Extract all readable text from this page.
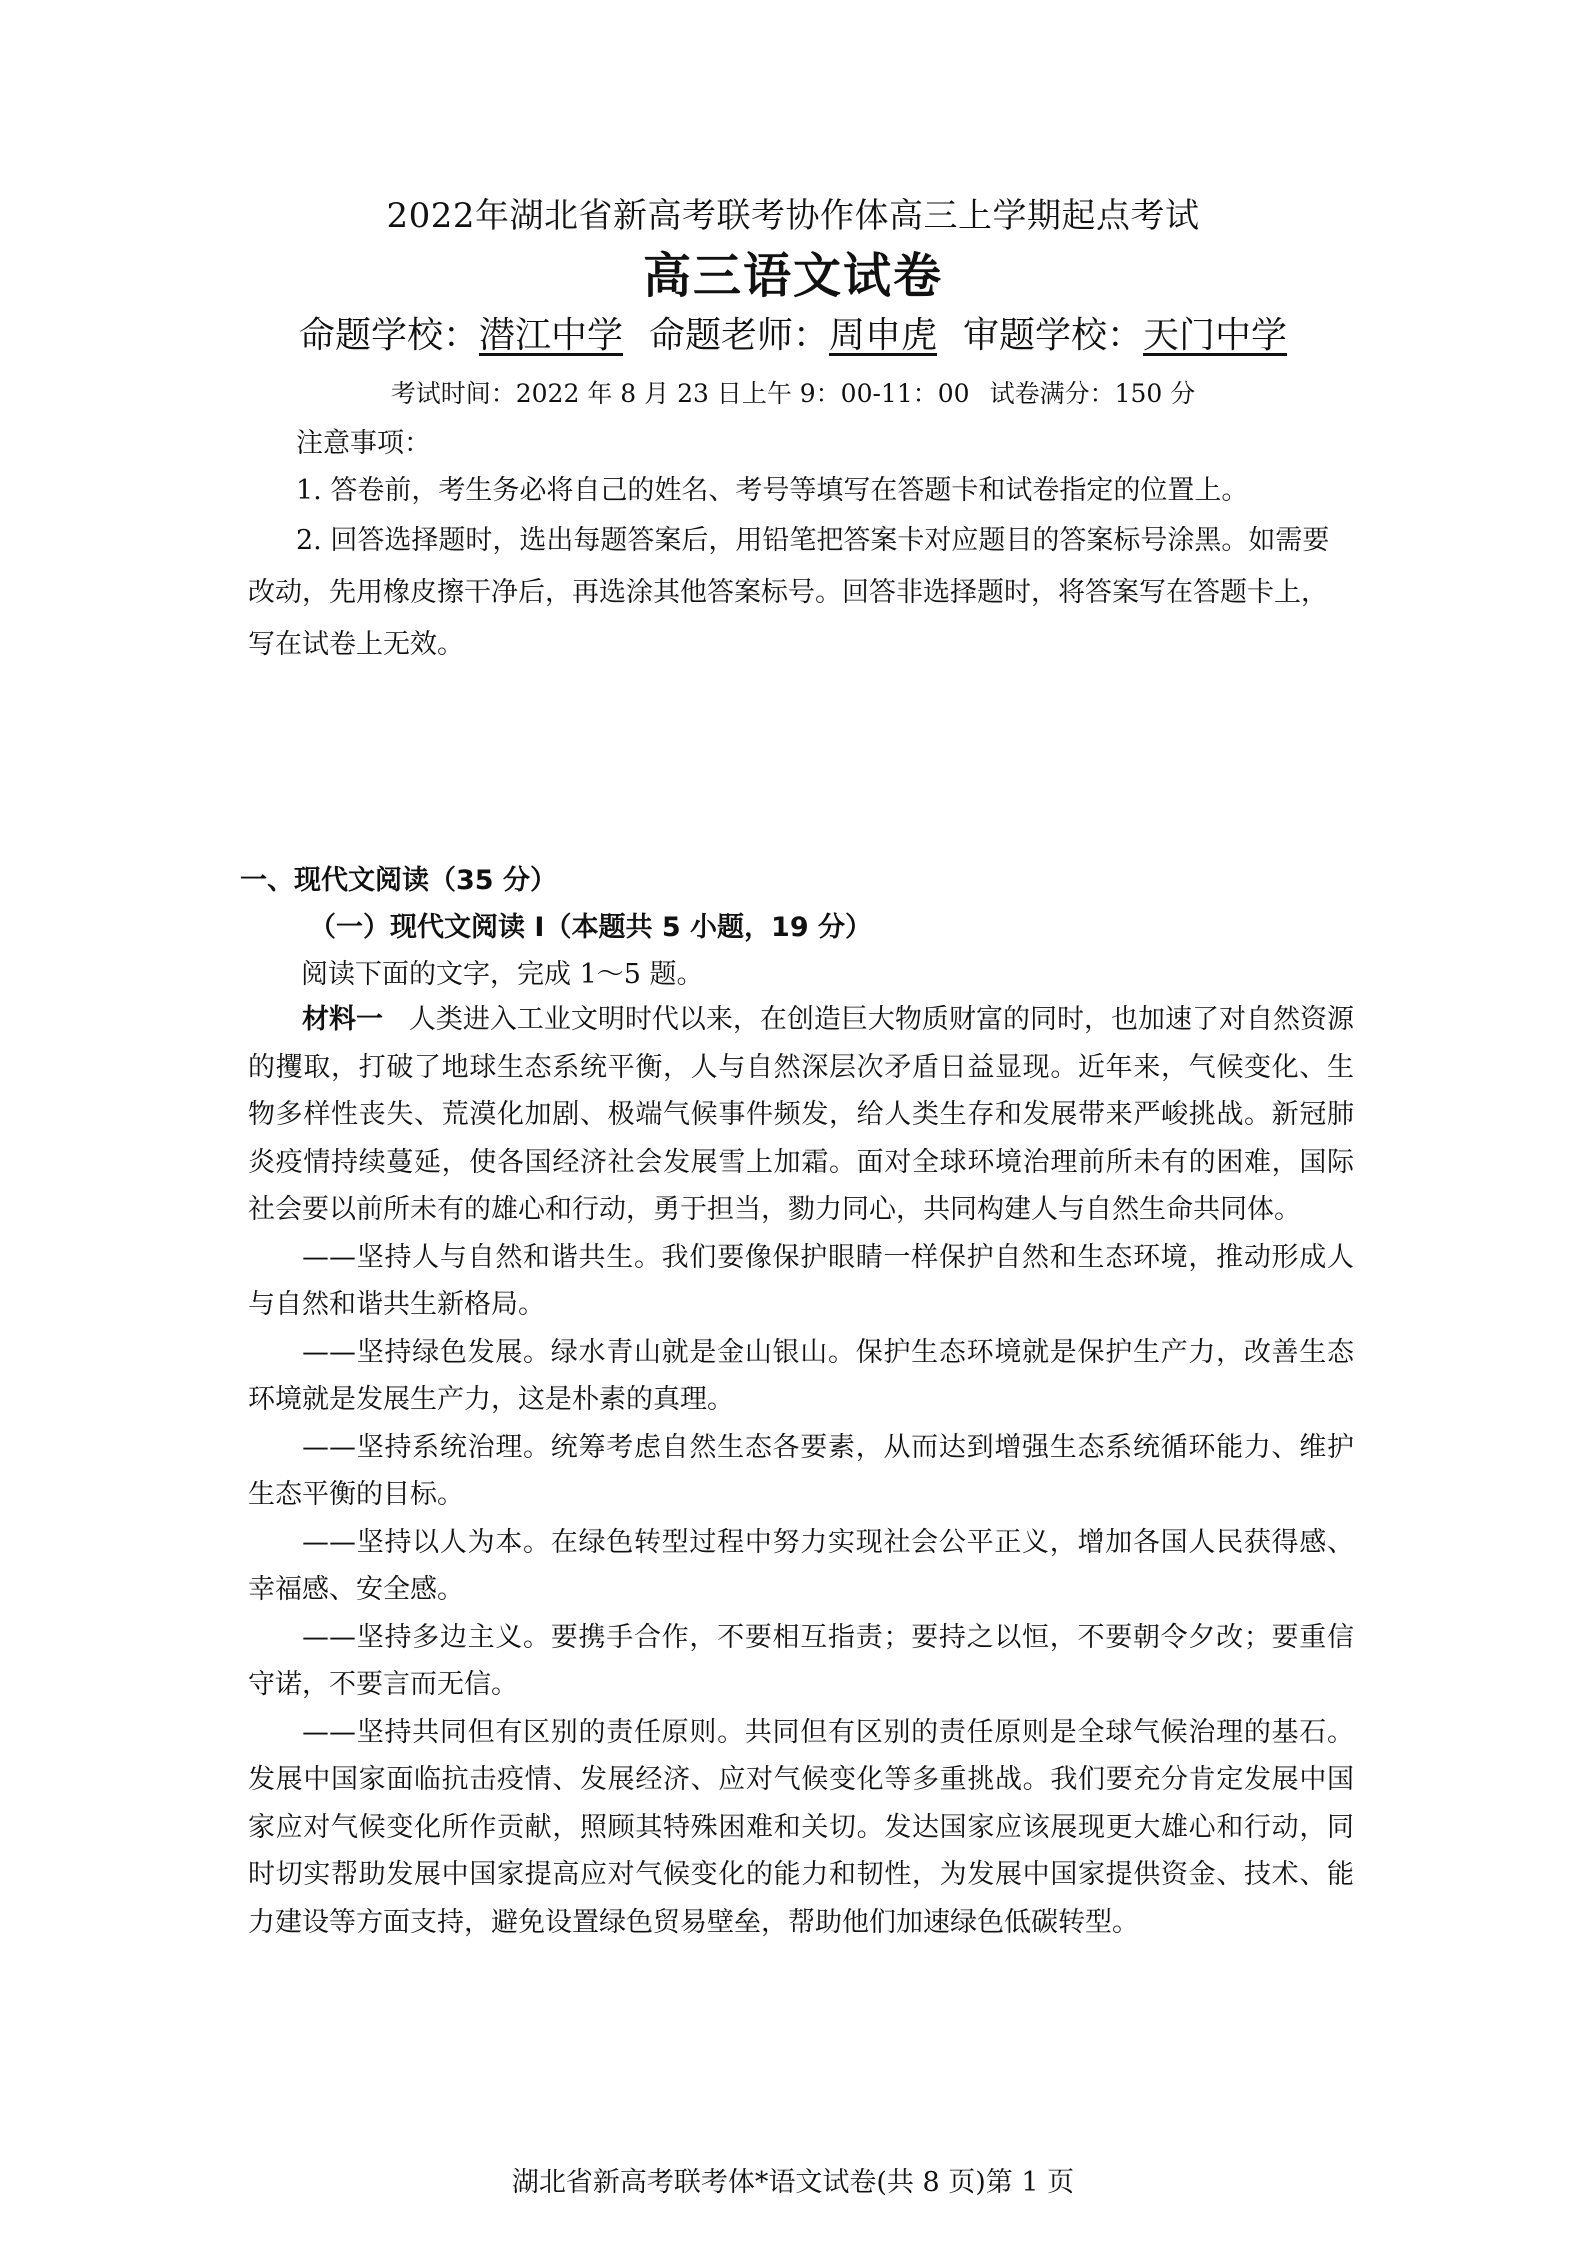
2022年湖北省新高考联考协作体高三上学期起点考试
高三语文试卷
命题学校：潜江中学 命题老师：周申虎 审题学校：天门中学
考试时间：2022 年 8 月 23 日上午 9：00-11：00 试卷满分：150 分
注意事项：
1. 答卷前，考生务必将自己的姓名、考号等填写在答题卡和试卷指定的位置上。
2. 回答选择题时，选出每题答案后，用铅笔把答案卡对应题目的答案标号涂黑。如需要改动，先用橡皮擦干净后，再选涂其他答案标号。回答非选择题时，将答案写在答题卡上，写在试卷上无效。
一、现代文阅读（35 分）
（一）现代文阅读 I（本题共 5 小题，19 分）
阅读下面的文字，完成 1～5 题。

材料一 人类进入工业文明时代以来，在创造巨大物质财富的同时，也加速了对自然资源的攫取，打破了地球生态系统平衡，人与自然深层次矛盾日益显现。近年来，气候变化、生物多样性丧失、荒漠化加剧、极端气候事件频发，给人类生存和发展带来严峻挑战。新冠肺炎疫情持续蔓延，使各国经济社会发展雪上加霜。面对全球环境治理前所未有的困难，国际社会要以前所未有的雄心和行动，勇于担当，勠力同心，共同构建人与自然生命共同体。

——坚持人与自然和谐共生。我们要像保护眼睛一样保护自然和生态环境，推动形成人与自然和谐共生新格局。

——坚持绿色发展。绿水青山就是金山银山。保护生态环境就是保护生产力，改善生态环境就是发展生产力，这是朴素的真理。

——坚持系统治理。统筹考虑自然生态各要素，从而达到增强生态系统循环能力、维护生态平衡的目标。

——坚持以人为本。在绿色转型过程中努力实现社会公平正义，增加各国人民获得感、幸福感、安全感。

——坚持多边主义。要携手合作，不要相互指责；要持之以恒，不要朝令夕改；要重信守诺，不要言而无信。

——坚持共同但有区别的责任原则。共同但有区别的责任原则是全球气候治理的基石。发展中国家面临抗击疫情、发展经济、应对气候变化等多重挑战。我们要充分肯定发展中国家应对气候变化所作贡献，照顾其特殊困难和关切。发达国家应该展现更大雄心和行动，同时切实帮助发展中国家提高应对气候变化的能力和韧性，为发展中国家提供资金、技术、能力建设等方面支持，避免设置绿色贸易壁垒，帮助他们加速绿色低碳转型。

湖北省新高考联考体*语文试卷(共 8 页)第 1 页
